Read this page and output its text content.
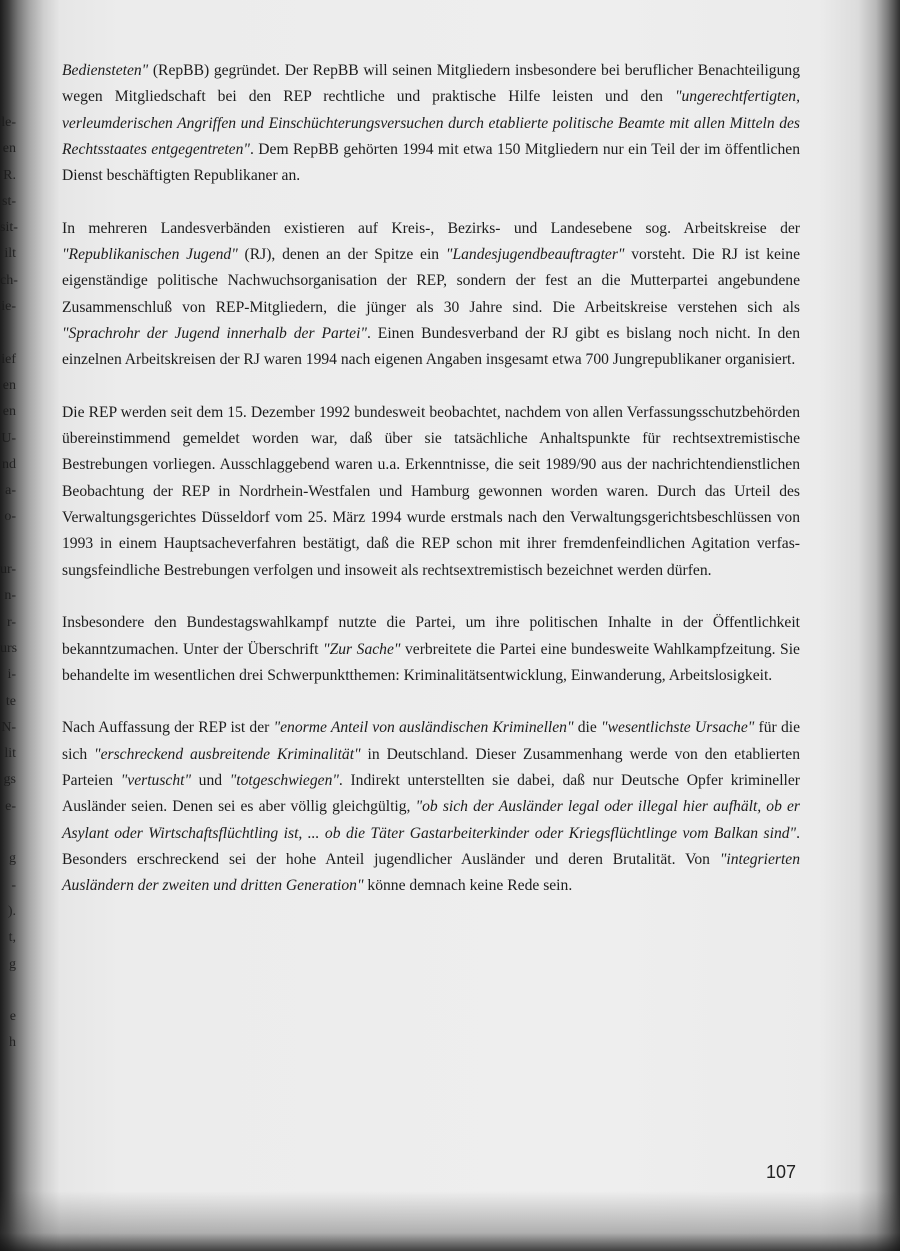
le-
en
R.
st-
sit-
ilt
ch-
ie-
ief
en
en
U-
nd
a-
o-
ur-
n-
r-
urs
i-
te
N-
lit
gs
e-
g
-
).
t,
g
e
h

Bediensteten" (RepBB) gegründet. Der RepBB will seinen Mitgliedern insbesondere bei beruflicher Benachteiligung wegen Mitgliedschaft bei den REP rechtliche und praktische Hilfe leisten und den "ungerechtfertigten, verleumderischen Angriffen und Einschüchterungsversuchen durch etablierte politische Beamte mit allen Mitteln des Rechtsstaates entgegentreten". Dem RepBB gehörten 1994 mit etwa 150 Mitgliedern nur ein Teil der im öffentlichen Dienst beschäftigten Republikaner an.

In mehreren Landesverbänden existieren auf Kreis-, Bezirks- und Landesebene sog. Arbeitskreise der "Republikanischen Jugend" (RJ), denen an der Spitze ein "Landesjugendbeauftragter" vorsteht. Die RJ ist keine eigenständige politische Nachwuchsorganisation der REP, sondern der fest an die Mutterpartei angebundene Zusammenschluß von REP-Mitgliedern, die jünger als 30 Jahre sind. Die Arbeitskreise verstehen sich als "Sprachrohr der Jugend innerhalb der Partei". Einen Bundesverband der RJ gibt es bislang noch nicht. In den einzelnen Arbeitskreisen der RJ waren 1994 nach eigenen Angaben insgesamt etwa 700 Jungrepublikaner organisiert.

Die REP werden seit dem 15. Dezember 1992 bundesweit beobachtet, nachdem von allen Verfassungsschutzbehörden übereinstimmend gemeldet worden war, daß über sie tatsächliche Anhaltspunkte für rechtsextremistische Bestrebungen vorliegen. Ausschlaggebend waren u.a. Erkenntnisse, die seit 1989/90 aus der nachrichtendienstlichen Beobachtung der REP in Nordrhein-Westfalen und Hamburg gewonnen worden waren. Durch das Urteil des Verwaltungsgerichtes Düsseldorf vom 25. März 1994 wurde erstmals nach den Verwaltungsgerichtsbeschlüssen von 1993 in einem Hauptsacheverfahren bestätigt, daß die REP schon mit ihrer fremdenfeindlichen Agitation verfassungsfeindliche Bestrebungen verfolgen und insoweit als rechtsextremistisch bezeichnet werden dürfen.

Insbesondere den Bundestagswahlkampf nutzte die Partei, um ihre politischen Inhalte in der Öffentlichkeit bekanntzumachen. Unter der Überschrift "Zur Sache" verbreitete die Partei eine bundesweite Wahlkampfzeitung. Sie behandelte im wesentlichen drei Schwerpunktthemen: Kriminalitätsentwicklung, Einwanderung, Arbeitslosigkeit.

Nach Auffassung der REP ist der "enorme Anteil von ausländischen Kriminellen" die "wesentlichste Ursache" für die sich "erschreckend ausbreitende Kriminalität" in Deutschland. Dieser Zusammenhang werde von den etablierten Parteien "vertuscht" und "totgeschwiegen". Indirekt unterstellten sie dabei, daß nur Deutsche Opfer krimineller Ausländer seien. Denen sei es aber völlig gleichgültig, "ob sich der Ausländer legal oder illegal hier aufhält, ob er Asylant oder Wirtschaftsflüchtling ist, ... ob die Täter Gastarbeiterkinder oder Kriegsflüchtlinge vom Balkan sind". Besonders erschreckend sei der hohe Anteil jugendlicher Ausländer und deren Brutalität. Von "integrierten Ausländern der zweiten und dritten Generation" könne demnach keine Rede sein.

107
